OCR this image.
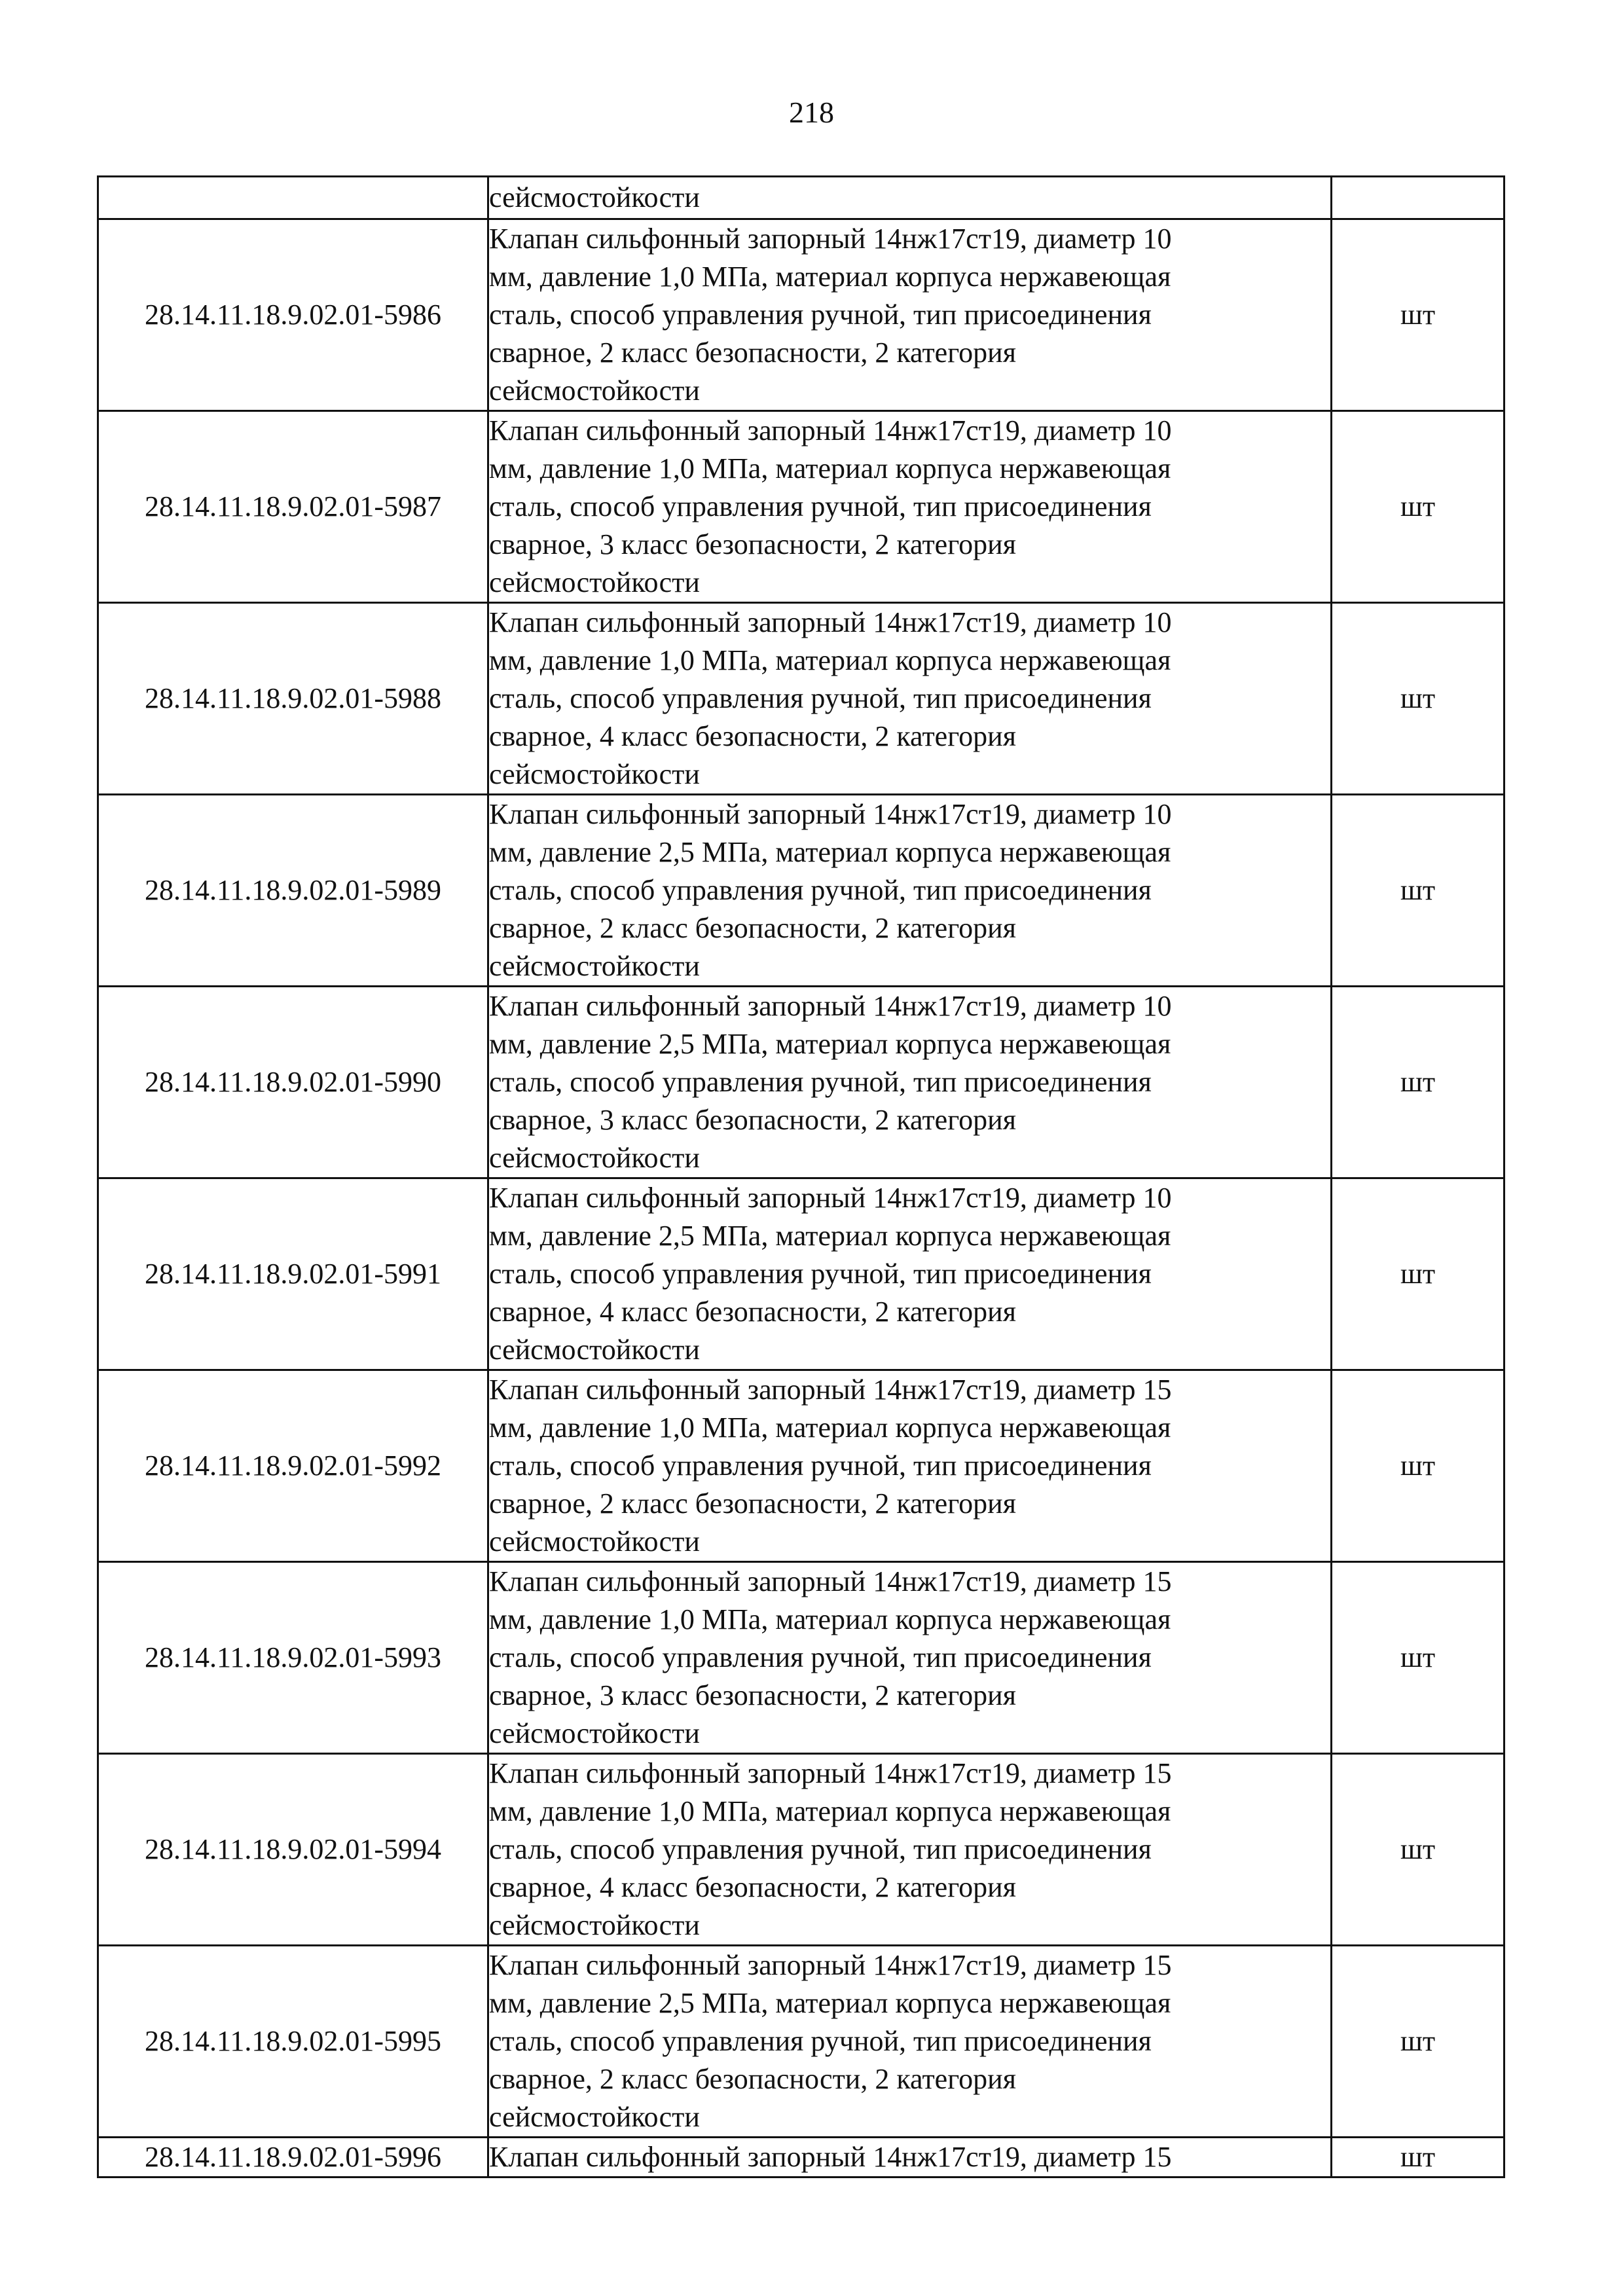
218

	сейсмостойкости	

28.14.11.18.9.02.01-5986	Клапан сильфонный запорный 14нж17ст19, диаметр 10
мм, давление 1,0 МПа, материал корпуса нержавеющая
сталь, способ управления ручной, тип присоединения
сварное, 2 класс безопасности, 2 категория
сейсмостойкости	шт
28.14.11.18.9.02.01-5987	Клапан сильфонный запорный 14нж17ст19, диаметр 10
мм, давление 1,0 МПа, материал корпуса нержавеющая
сталь, способ управления ручной, тип присоединения
сварное, 3 класс безопасности, 2 категория
сейсмостойкости	шт
28.14.11.18.9.02.01-5988	Клапан сильфонный запорный 14нж17ст19, диаметр 10
мм, давление 1,0 МПа, материал корпуса нержавеющая
сталь, способ управления ручной, тип присоединения
сварное, 4 класс безопасности, 2 категория
сейсмостойкости	шт
28.14.11.18.9.02.01-5989	Клапан сильфонный запорный 14нж17ст19, диаметр 10
мм, давление 2,5 МПа, материал корпуса нержавеющая
сталь, способ управления ручной, тип присоединения
сварное, 2 класс безопасности, 2 категория
сейсмостойкости	шт
28.14.11.18.9.02.01-5990	Клапан сильфонный запорный 14нж17ст19, диаметр 10
мм, давление 2,5 МПа, материал корпуса нержавеющая
сталь, способ управления ручной, тип присоединения
сварное, 3 класс безопасности, 2 категория
сейсмостойкости	шт
28.14.11.18.9.02.01-5991	Клапан сильфонный запорный 14нж17ст19, диаметр 10
мм, давление 2,5 МПа, материал корпуса нержавеющая
сталь, способ управления ручной, тип присоединения
сварное, 4 класс безопасности, 2 категория
сейсмостойкости	шт
28.14.11.18.9.02.01-5992	Клапан сильфонный запорный 14нж17ст19, диаметр 15
мм, давление 1,0 МПа, материал корпуса нержавеющая
сталь, способ управления ручной, тип присоединения
сварное, 2 класс безопасности, 2 категория
сейсмостойкости	шт
28.14.11.18.9.02.01-5993	Клапан сильфонный запорный 14нж17ст19, диаметр 15
мм, давление 1,0 МПа, материал корпуса нержавеющая
сталь, способ управления ручной, тип присоединения
сварное, 3 класс безопасности, 2 категория
сейсмостойкости	шт
28.14.11.18.9.02.01-5994	Клапан сильфонный запорный 14нж17ст19, диаметр 15
мм, давление 1,0 МПа, материал корпуса нержавеющая
сталь, способ управления ручной, тип присоединения
сварное, 4 класс безопасности, 2 категория
сейсмостойкости	шт
28.14.11.18.9.02.01-5995	Клапан сильфонный запорный 14нж17ст19, диаметр 15
мм, давление 2,5 МПа, материал корпуса нержавеющая
сталь, способ управления ручной, тип присоединения
сварное, 2 класс безопасности, 2 категория
сейсмостойкости	шт
28.14.11.18.9.02.01-5996	Клапан сильфонный запорный 14нж17ст19, диаметр 15	шт
